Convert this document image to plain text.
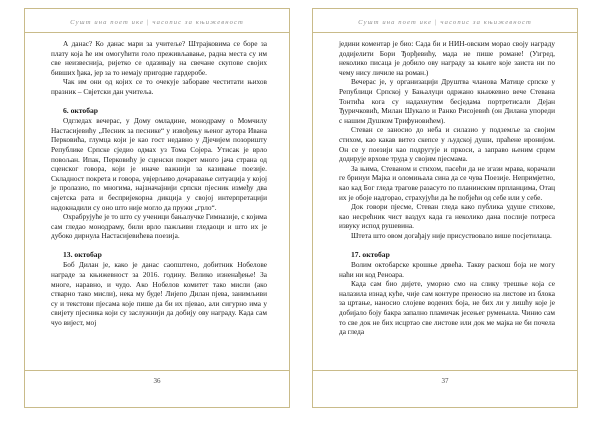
Сушт ина поет ике | часопис за књижевност

А данас? Ко данас мари за учитеље? Штрајковима се боре за плату која ће им омогућити голо преживљавање, радна места су им све неизвеснија, ријетко се одазивају на свечане скупове својих бивших ђака, јер за то немају пригодне гардеробе.

Чак им они од којих се то очекује забораве честитати њихов празник – Свјетски дан учитеља.

6. октобар

Одгледах вечерас, у Дому омладине, монодраму о Момчилу Настасијевићу „Песник за песнике“ у извођењу њеног аутора Ивана Перковића, глумца који је као гост недавно у Дјечијем позоришту Републике Српске сједио одмах уз Тома Сојера. Утисак је врло повољан. Ипак, Перковићу је сценски покрет много јача страна од сценског говора, који је иначе важнији за казивање поезије. Складност покрета и говора, увјерљиво дочаравање ситуација у којој је пролазио, по многима, најзначајнији српски пјесник између два свјетска рата и беспријекорна дикција у својој интерпретацији надокнадили су оно што није могло да пружи „грло“.

Охрабрујуће је то што су ученици бањалучке Гимназије, с којима сам гледао монодраму, били врло пажљиви гледаоци и што их је дубоко дирнула Настасијевићева поезија.

13. октобар

Боб Дилан је, како је данас саопштено, добитник Нобелове награде за књижевност за 2016. годину. Велико изненађење! За многе, наравно, и чудо. Ако Нобелов комитет тако мисли (ако стварно тако мисли), нека му буде! Лијепо Дилан пјева, занимљиви су и текстови пјесама које пише да би их пјевао, али сигурно има у свијету пјесника који су заслужнији да добију ову награду. Када сам чуо вијест, мој

36
Сушт ина поет ике | часопис за књижевност

једини коментар је био: Сада би и НИН-овским морао своју награду додијелити Бори Ђорђевићу, мада не пише романе! (Узгред, неколико писаца је добило ову награду за књиге које заиста ни по чему нису личиле на роман.)

Вечерас је, у организацији Друштва чланова Матице српске у Републици Српској у Бањалуци одржано књижевно вече Стевана Тонтића кога су надахнутим бесједама портретисали Дејан Ђуричковић, Милан Шукало и Ранко Рисојевић (он Дилана упореди с нашим Душком Трифуновићем).

Стеван се заносио до неба и силазио у подземље за својим стихом, као какав витез скепсе у људској души, праћене иронијом. Он се у поезији као подругује и пркоси, а заправо њеним срцем додирује врхове труда у својим пјесмама.

За њима, Стеваном и стихом, пасећи да не згази мрава, корачали ге бринуи Мајка и оломињала сина да се чува Поезије. Непримјетно, као кад Бог гледа трагове разасуто по планинским прпланцима, Отац их је обоје надгорао, страхујући да ће побјећи од себе или у себе.

Док говори пјесме, Стеван гледа како публика удуше стихове, као несрећник чист вaздух када га неколико дана послије потреса извуку испод рушевина.

Штета што овом догађају није присуствовало више посјетилаца.

17. октобар

Волим октобарске крошње дрвећа. Такву раскош боја не могу наћи ни код Реноара.

Када сам био дијете, уморно смо на слику трешње која се налазила изнад куће, чије сам контуре преносио на листове из блока за цртање, наносио слојеве водених боја, не бих ли у лишћу које је добијало боју бакра запално пламичак јесењег румењила. Чинио сам то све док не бих исцртао све листове или док ме мајка не би почела да гледа

37
